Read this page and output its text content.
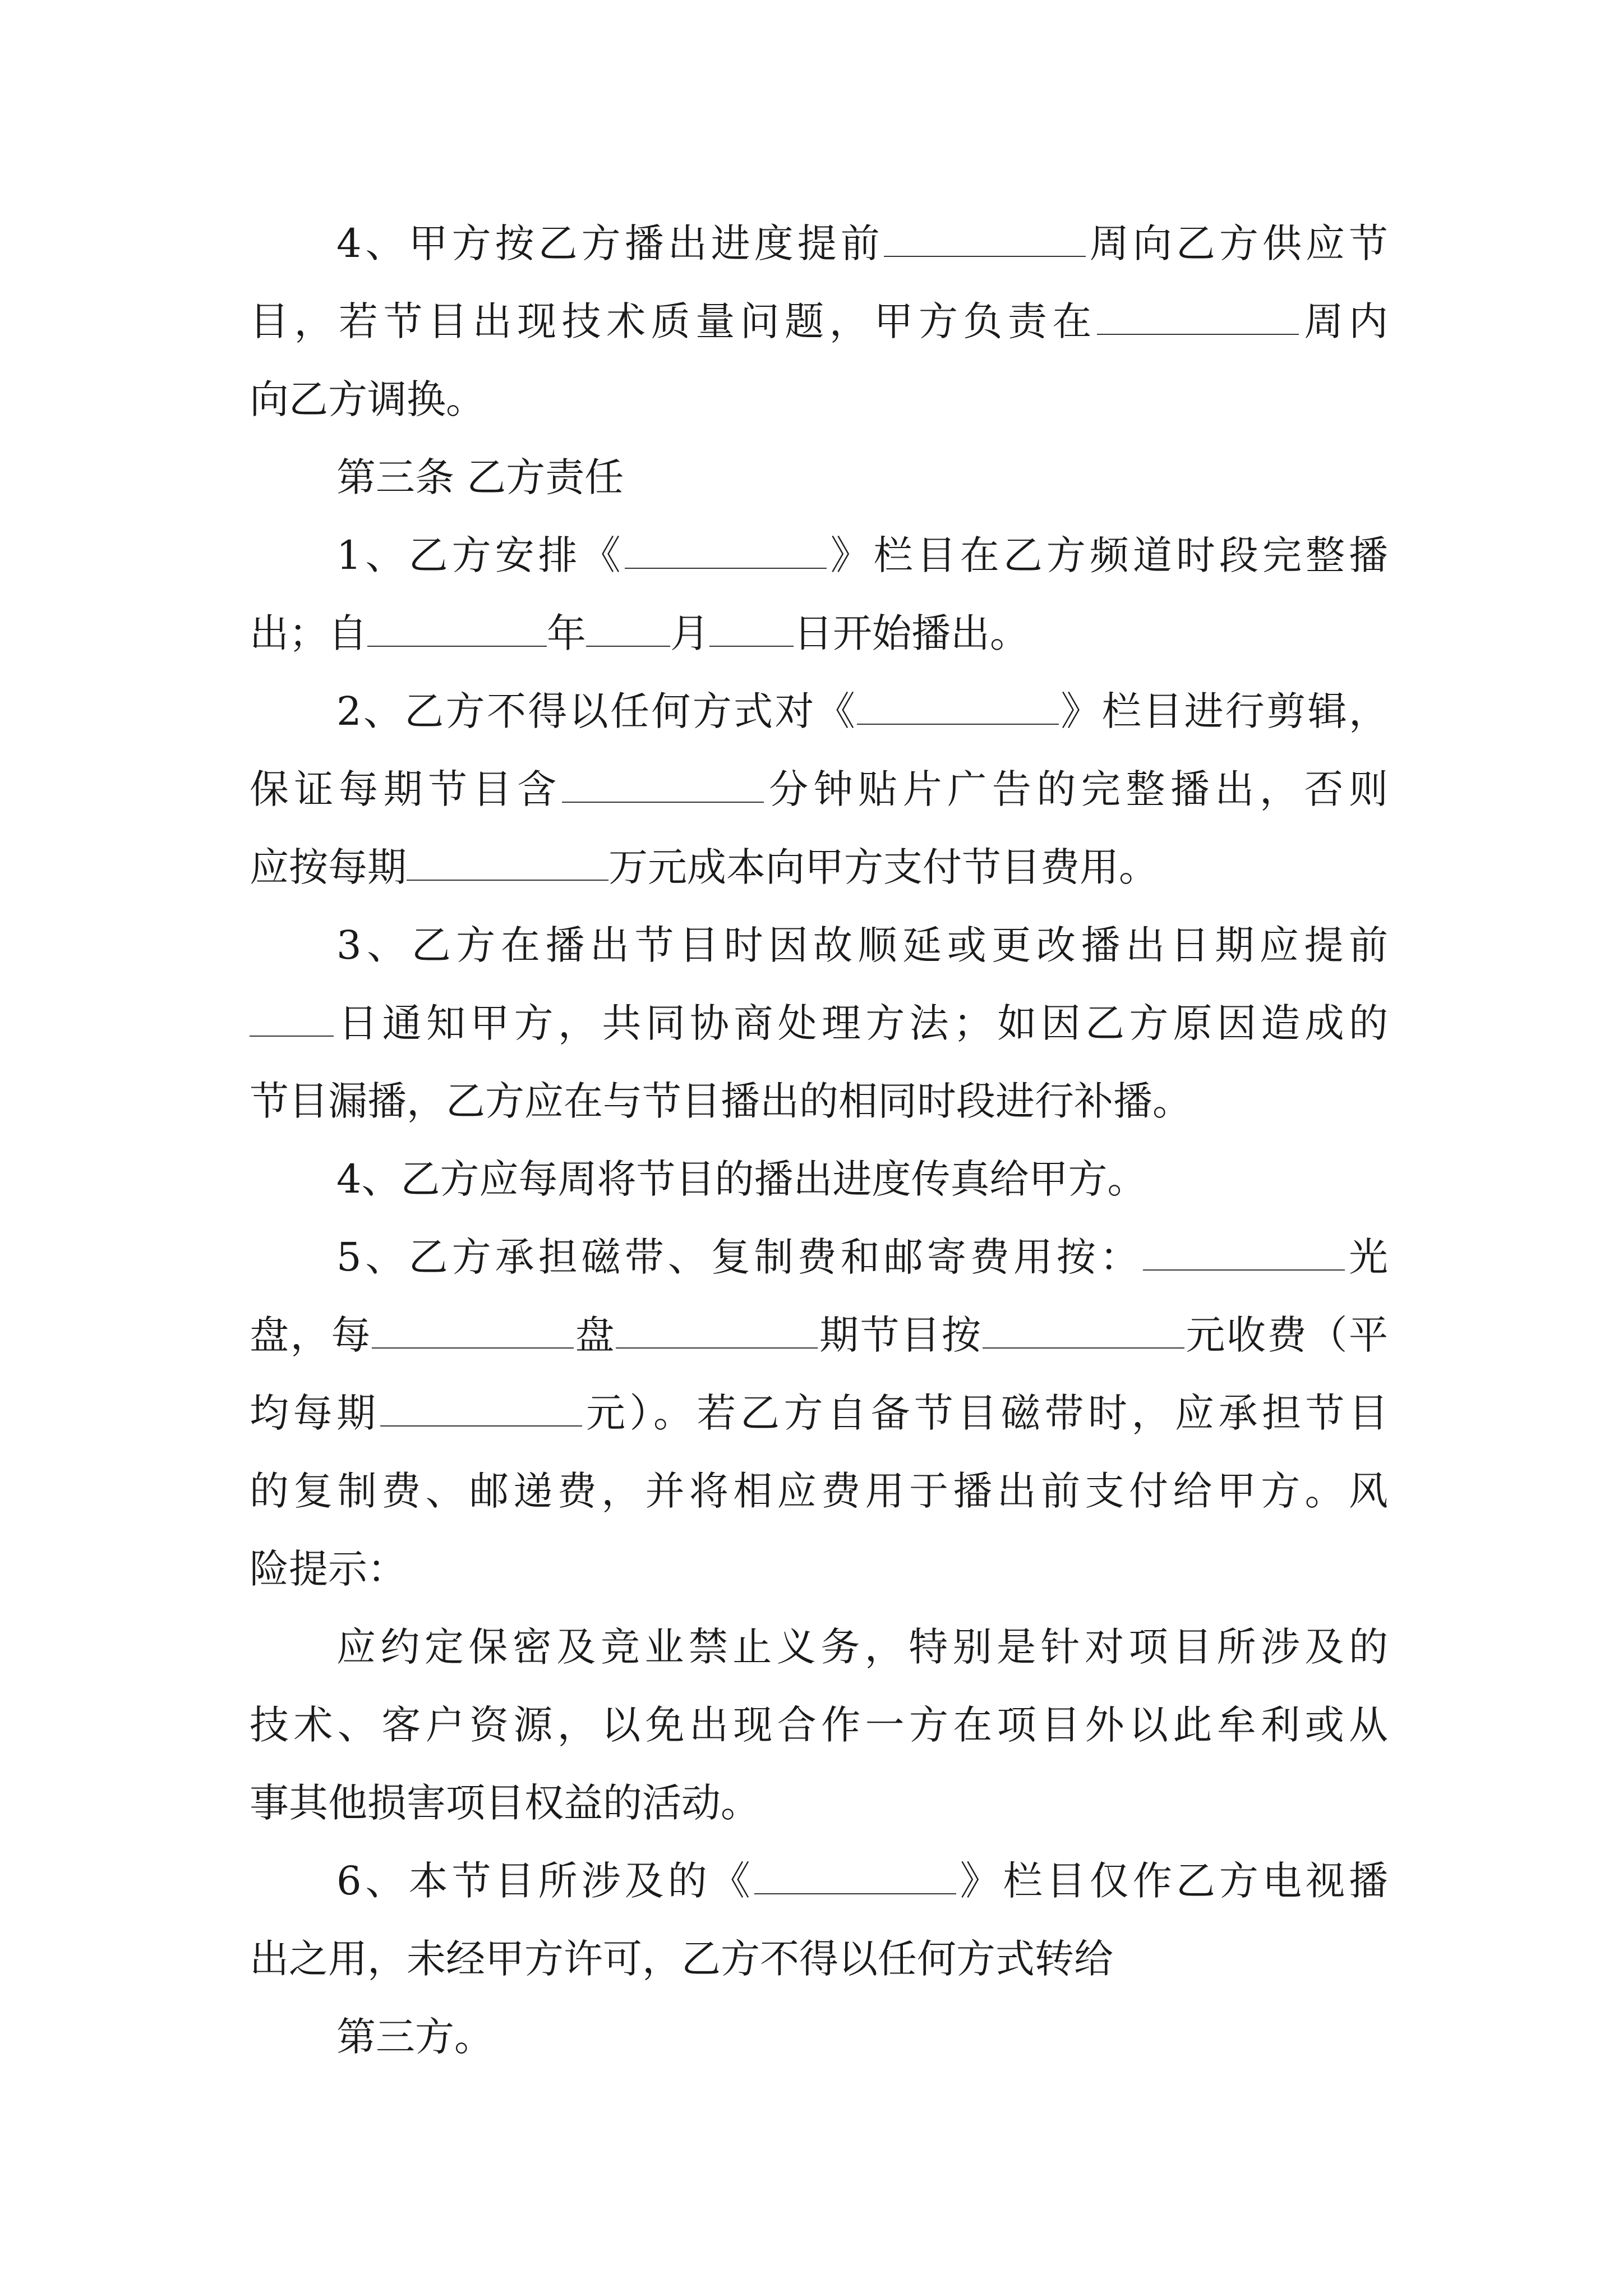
4、甲方按乙方播出进度提前	周向乙方供应节
目，若节目出现技术质量问题，甲方负责在	周内
向乙方调换。
第三条 乙方责任
1、乙方安排《	》栏目在乙方频道时段完整播
出；自	年 月 日开始播出。
2、乙方不得以任何方式对《	》栏目进行剪辑，
保证每期节目含	分钟贴片广告的完整播出，否则
应按每期	万元成本向甲方支付节目费用。
3、乙方在播出节目时因故顺延或更改播出日期应提前
日通知甲方，共同协商处理方法；如因乙方原因造成的
节目漏播，乙方应在与节目播出的相同时段进行补播。
4、乙方应每周将节目的播出进度传真给甲方。
5、乙方承担磁带、复制费和邮寄费用按：	光
盘，每	盘	期节目按	元收费（平
均每期	元）。若乙方自备节目磁带时，应承担节目
的复制费、邮递费，并将相应费用于播出前支付给甲方。风
险提示：
应约定保密及竞业禁止义务，特别是针对项目所涉及的
技术、客户资源，以免出现合作一方在项目外以此牟利或从
事其他损害项目权益的活动。
6、本节目所涉及的《	》栏目仅作乙方电视播
出之用，未经甲方许可，乙方不得以任何方式转给
第三方。
